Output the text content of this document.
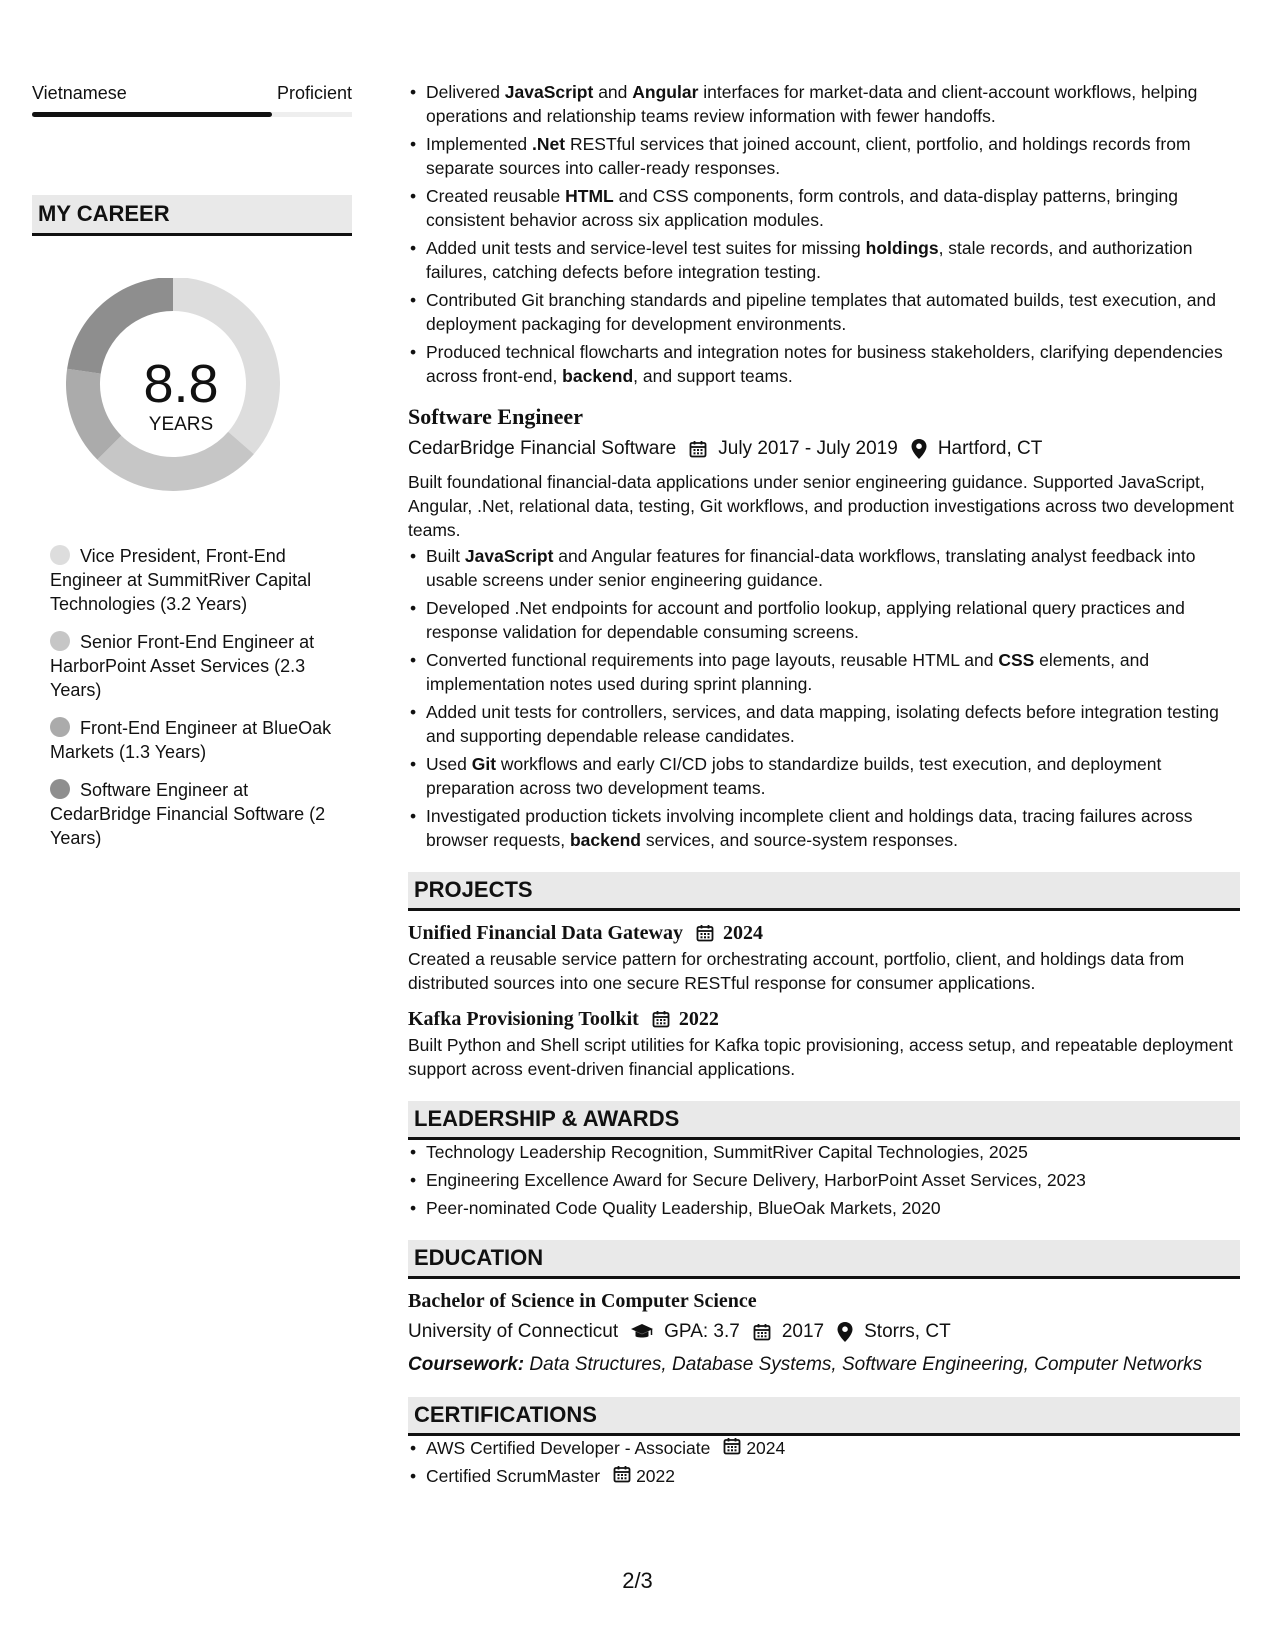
Vietnamese	Proficient
MY CAREER
8.8
YEARS
Vice President, Front-End Engineer at SummitRiver Capital Technologies (3.2 Years)
Senior Front-End Engineer at HarborPoint Asset Services (2.3 Years)
Front-End Engineer at BlueOak Markets (1.3 Years)
Software Engineer at CedarBridge Financial Software (2 Years)
• Delivered JavaScript and Angular interfaces for market-data and client-account workflows, helping operations and relationship teams review information with fewer handoffs.
• Implemented .Net RESTful services that joined account, client, portfolio, and holdings records from separate sources into caller-ready responses.
• Created reusable HTML and CSS components, form controls, and data-display patterns, bringing consistent behavior across six application modules.
• Added unit tests and service-level test suites for missing holdings, stale records, and authorization failures, catching defects before integration testing.
• Contributed Git branching standards and pipeline templates that automated builds, test execution, and deployment packaging for development environments.
• Produced technical flowcharts and integration notes for business stakeholders, clarifying dependencies across front-end, backend, and support teams.
Software Engineer
CedarBridge Financial Software July 2017 - July 2019 Hartford, CT
Built foundational financial-data applications under senior engineering guidance. Supported JavaScript, Angular, .Net, relational data, testing, Git workflows, and production investigations across two development teams.
• Built JavaScript and Angular features for financial-data workflows, translating analyst feedback into usable screens under senior engineering guidance.
• Developed .Net endpoints for account and portfolio lookup, applying relational query practices and response validation for dependable consuming screens.
• Converted functional requirements into page layouts, reusable HTML and CSS elements, and implementation notes used during sprint planning.
• Added unit tests for controllers, services, and data mapping, isolating defects before integration testing and supporting dependable release candidates.
• Used Git workflows and early CI/CD jobs to standardize builds, test execution, and deployment preparation across two development teams.
• Investigated production tickets involving incomplete client and holdings data, tracing failures across browser requests, backend services, and source-system responses.
PROJECTS
Unified Financial Data Gateway 2024
Created a reusable service pattern for orchestrating account, portfolio, client, and holdings data from distributed sources into one secure RESTful response for consumer applications.
Kafka Provisioning Toolkit 2022
Built Python and Shell script utilities for Kafka topic provisioning, access setup, and repeatable deployment support across event-driven financial applications.
LEADERSHIP & AWARDS
• Technology Leadership Recognition, SummitRiver Capital Technologies, 2025
• Engineering Excellence Award for Secure Delivery, HarborPoint Asset Services, 2023
• Peer-nominated Code Quality Leadership, BlueOak Markets, 2020
EDUCATION
Bachelor of Science in Computer Science
University of Connecticut GPA: 3.7 2017 Storrs, CT
Coursework: Data Structures, Database Systems, Software Engineering, Computer Networks
CERTIFICATIONS
• AWS Certified Developer - Associate 2024
• Certified ScrumMaster 2022
2/3
